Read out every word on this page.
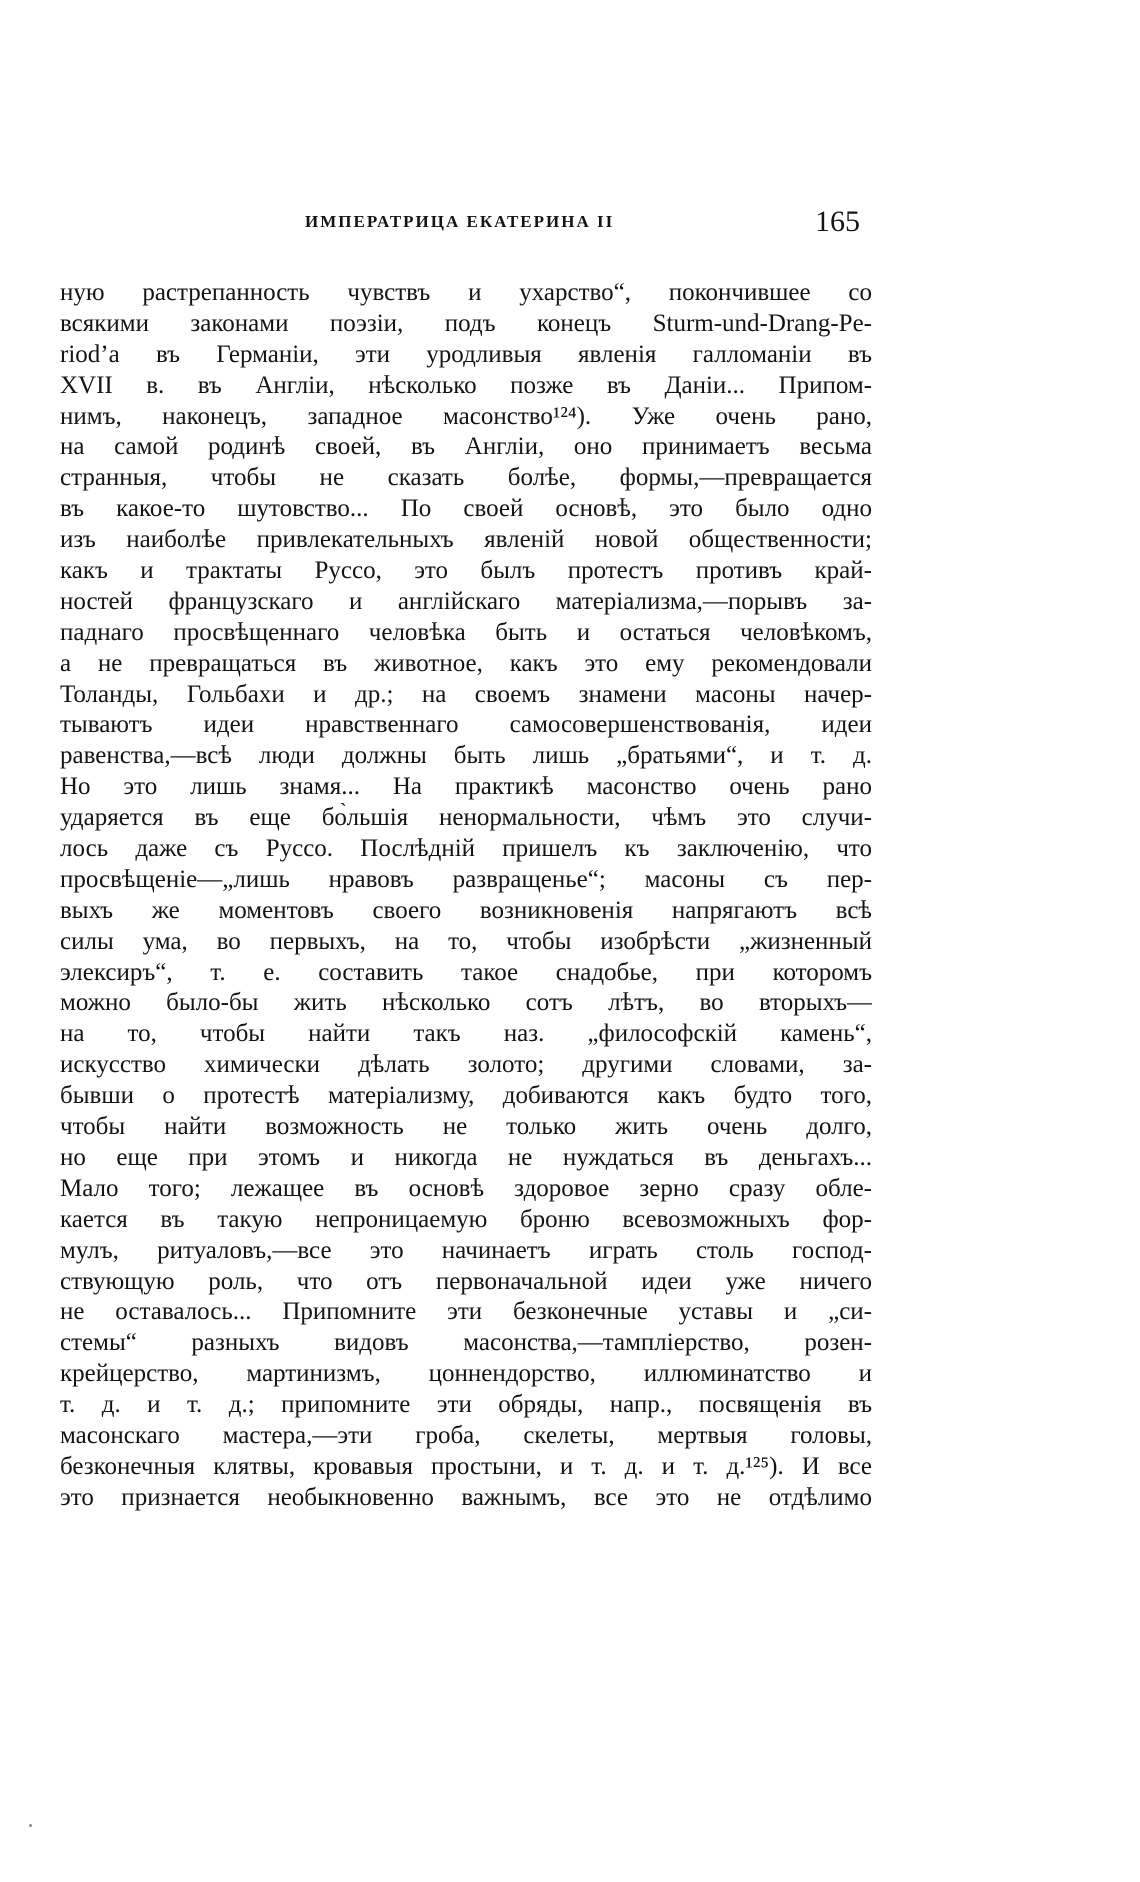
ИМПЕРАТРИЦА ЕКАТЕРИНА II	165
ную растрепанность чувствъ и ухарство“, покончившее со
всякими законами поэзіи, подъ конецъ Sturm-und-Drang-Pe-
riod’а въ Германіи, эти уродливыя явленія галломаніи въ
XVII в. въ Англіи, нѣсколько позже въ Даніи... Припом-
нимъ, наконецъ, западное масонство¹²⁴). Уже очень рано,
на самой родинѣ своей, въ Англіи, оно принимаетъ весьма
странныя, чтобы не сказать болѣе, формы,—превращается
въ какое-то шутовство... По своей основѣ, это было одно
изъ наиболѣе привлекательныхъ явленій новой общественности;
какъ и трактаты Руссо, это былъ протестъ противъ край-
ностей французскаго и англійскаго матеріализма,—порывъ за-
паднаго просвѣщеннаго человѣка быть и остаться человѣкомъ,
а не превращаться въ животное, какъ это ему рекомендовали
Толанды, Гольбахи и др.; на своемъ знамени масоны начер-
тываютъ идеи нравственнаго самосовершенствованія, идеи
равенства,—всѣ люди должны быть лишь „братьями“, и т. д.
Но это лишь знамя... На практикѣ масонство очень рано
ударяется въ еще бо̀льшія ненормальности, чѣмъ это случи-
лось даже съ Руссо. Послѣдній пришелъ къ заключенію, что
просвѣщеніе—„лишь нравовъ развращенье“; масоны съ пер-
выхъ же моментовъ своего возникновенія напрягаютъ всѣ
силы ума, во первыхъ, на то, чтобы изобрѣсти „жизненный
элексиръ“, т. е. составить такое снадобье, при которомъ
можно было-бы жить нѣсколько сотъ лѣтъ, во вторыхъ—
на то, чтобы найти такъ наз. „философскій камень“,
искусство химически дѣлать золото; другими словами, за-
бывши о протестѣ матеріализму, добиваются какъ будто того,
чтобы найти возможность не только жить очень долго,
но еще при этомъ и никогда не нуждаться въ деньгахъ...
Мало того; лежащее въ основѣ здоровое зерно сразу обле-
кается въ такую непроницаемую броню всевозможныхъ фор-
мулъ, ритуаловъ,—все это начинаетъ играть столь господ-
ствующую роль, что отъ первоначальной идеи уже ничего
не оставалось... Припомните эти безконечные уставы и „си-
стемы“ разныхъ видовъ масонства,—тампліерство, розен-
крейцерство, мартинизмъ, цоннендорство, иллюминатство и
т. д. и т. д.; припомните эти обряды, напр., посвященія въ
масонскаго мастера,—эти гроба, скелеты, мертвыя головы,
безконечныя клятвы, кровавыя простыни, и т. д. и т. д.¹²⁵). И все
это признается необыкновенно важнымъ, все это не отдѣлимо
